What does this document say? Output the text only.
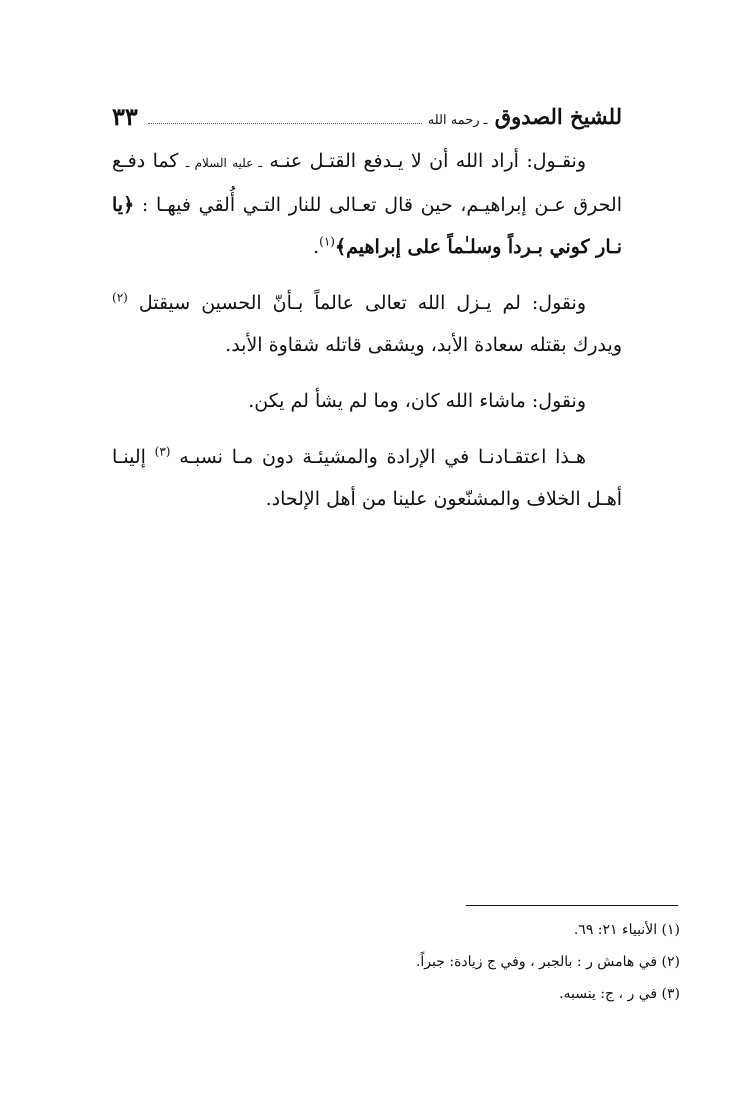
للشيخ الصدوق ـ رحمه الله
٣٣

ونقـول: أراد الله أن لا يـدفع القتـل عنـه ـ عليه السلام ـ كما دفـع الحرق عـن إبراهيـم، حين قال تعـالى للنار التـي أُلقي فيهـا : ﴿يا نـار كوني بـرداً وسلـٰماً على إبراهيم﴾$^{(١)}$.

ونقول: لم يـزل الله تعالى عالماً بـأنّ الحسين سيقتل $^{(٢)}$ ويدرك بقتله سعادة الأبد، ويشقى قاتله شقاوة الأبد.

ونقول: ماشاء الله كان، وما لم يشأ لم يكن.

هـذا اعتقـادنـا في الإرادة والمشيئـة دون مـا نسبـه $^{(٣)}$ إلينـا أهـل الخلاف والمشنّعون علينا من أهل الإلحاد.

(١) الأنبياء ٢١: ٦٩.

(٢) في هامش ر : بالجبر ، وفي ج زيادة: جبراً.

(٣) في ر ، ج: ينسبه.
